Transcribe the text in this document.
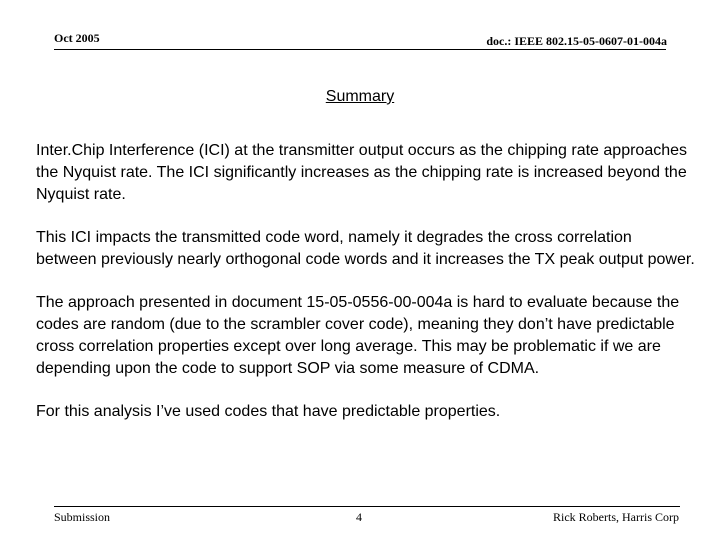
Oct 2005	doc.: IEEE 802.15-05-0607-01-004a
Summary

Inter.Chip Interference (ICI) at the transmitter output occurs as the chipping rate approaches the Nyquist rate. The ICI significantly increases as the chipping rate is increased beyond the Nyquist rate.

This ICI impacts the transmitted code word, namely it degrades the cross correlation between previously nearly orthogonal code words and it increases the TX peak output power.

The approach presented in document 15-05-0556-00-004a is hard to evaluate because the codes are random (due to the scrambler cover code), meaning they don’t have predictable cross correlation properties except over long average. This may be problematic if we are depending upon the code to support SOP via some measure of CDMA.

For this analysis I’ve used codes that have predictable properties.

Submission	4	Rick Roberts, Harris Corp
